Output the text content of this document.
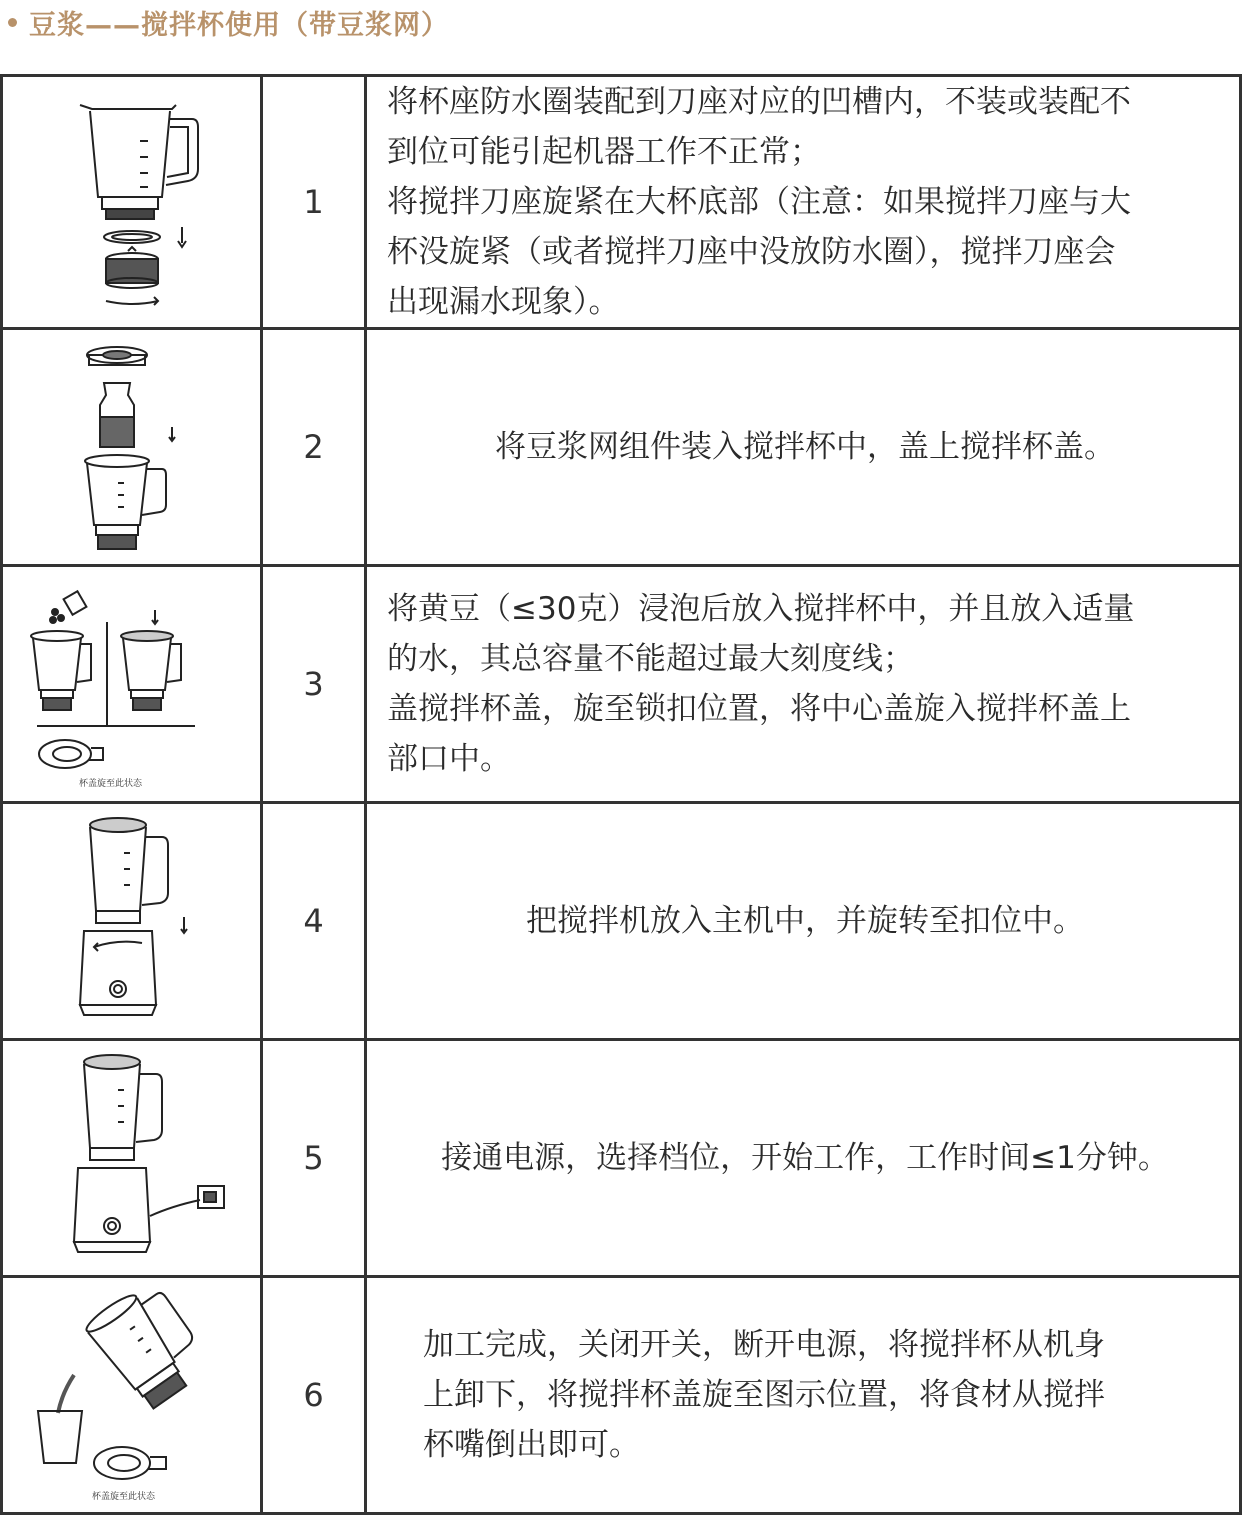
豆浆——搅拌杯使用（带豆浆网）
	1	将杯座防水圈装配到刀座对应的凹槽内，不装或装配不
到位可能引起机器工作不正常；
将搅拌刀座旋紧在大杯底部（注意：如果搅拌刀座与大
杯没旋紧（或者搅拌刀座中没放防水圈），搅拌刀座会
出现漏水现象）。

	2	将豆浆网组件装入搅拌杯中，盖上搅拌杯盖。

杯盖旋至此状态	3	将黄豆（≤30克）浸泡后放入搅拌杯中，并且放入适量
的水，其总容量不能超过最大刻度线；
盖搅拌杯盖，旋至锁扣位置，将中心盖旋入搅拌杯盖上
部口中。

	4	把搅拌机放入主机中，并旋转至扣位中。

	5	接通电源，选择档位，开始工作，工作时间≤1分钟。

杯盖旋至此状态	6	加工完成，关闭开关，断开电源，将搅拌杯从机身
上卸下，将搅拌杯盖旋至图示位置，将食材从搅拌
杯嘴倒出即可。
